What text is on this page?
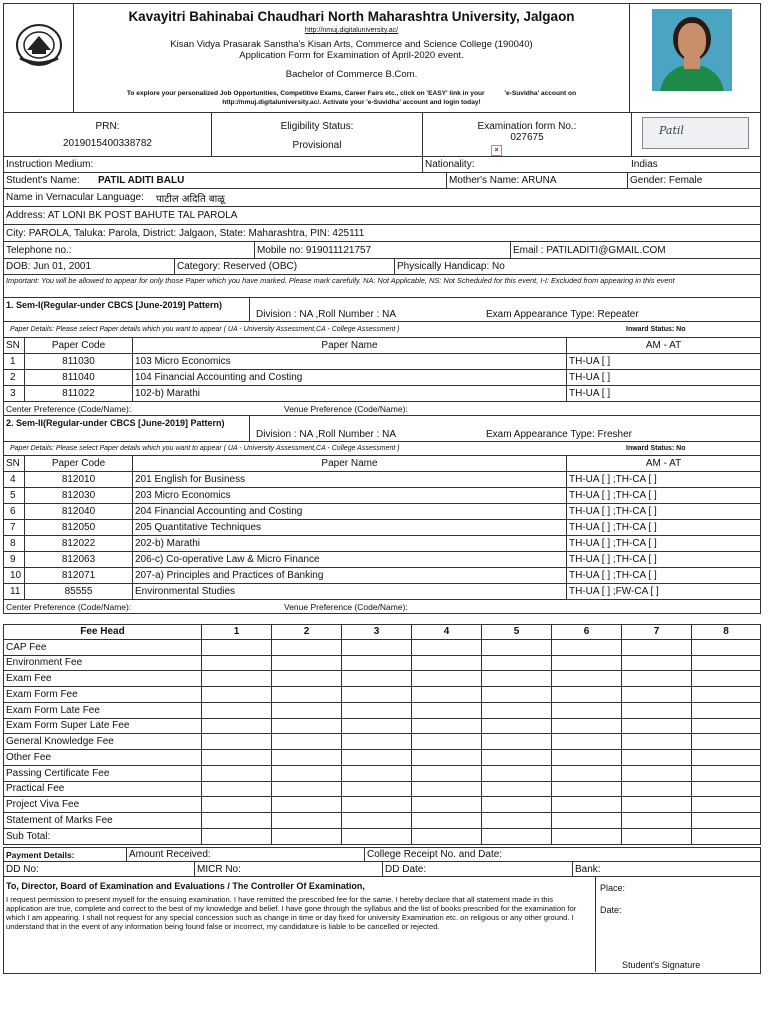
Kavayitri Bahinabai Chaudhari North Maharashtra University, Jalgaon
http://nmuj.digitaluniversity.ac/
Kisan Vidya Prasarak Sanstha's Kisan Arts, Commerce and Science College (190040)
Application Form for Examination of April-2020 event.
Bachelor of Commerce B.Com.
To explore your personalized Job Opportunities, Competitive Exams, Career Fairs etc., click on 'EASY' link in your	'e-Suvidha' account on
http://nmuj.digitaluniversity.ac/. Activate your 'e-Suvidha' account and login today!
PRN:
2019015400338782
Eligibility Status:
Provisional
Examination form No.:
027675
×
Patil
Instruction Medium:	Nationality:	Indias
Student's Name:	PATIL ADITI BALU	Mother's Name: ARUNA	Gender: Female
Name in Vernacular Language:	पाटील अदिति बाळू
Address: AT LONI BK POST BAHUTE TAL PAROLA
City: PAROLA, Taluka: Parola, District: Jalgaon, State: Maharashtra, PIN: 425111
Telephone no.:	Mobile no: 919011121757	Email : PATILADITI@GMAIL.COM
DOB: Jun 01, 2001	Category: Reserved (OBC)	Physically Handicap: No
Important: You will be allowed to appear for only those Paper which you have marked. Please mark carefully. NA: Not Applicable, NS: Not Scheduled for this event, I-I: Excluded from appearing in this event
1. Sem-I(Regular-under CBCS [June-2019] Pattern)
Division : NA ,Roll Number : NA	Exam Appearance Type: Repeater
Paper Details: Please select Paper details which you want to appear ( UA - University Assessment,CA - College Assessment )	Inward Status: No
SN	Paper Code	Paper Name	AM - AT
1	811030	103 Micro Economics	TH-UA [ ]
2	811040	104 Financial Accounting and Costing	TH-UA [ ]
3	811022	102-b) Marathi	TH-UA [ ]
Center Preference (Code/Name):	Venue Preference (Code/Name):
2. Sem-II(Regular-under CBCS [June-2019] Pattern)
Division : NA ,Roll Number : NA	Exam Appearance Type: Fresher
Paper Details: Please select Paper details which you want to appear ( UA - University Assessment,CA - College Assessment )	Inward Status: No
SN	Paper Code	Paper Name	AM - AT
4	812010	201 English for Business	TH-UA [ ] ;TH-CA [ ]
5	812030	203 Micro Economics	TH-UA [ ] ;TH-CA [ ]
6	812040	204 Financial Accounting and Costing	TH-UA [ ] ;TH-CA [ ]
7	812050	205 Quantitative Techniques	TH-UA [ ] ;TH-CA [ ]
8	812022	202-b) Marathi	TH-UA [ ] ;TH-CA [ ]
9	812063	206-c) Co-operative Law & Micro Finance	TH-UA [ ] ;TH-CA [ ]
10	812071	207-a) Principles and Practices of Banking	TH-UA [ ] ;TH-CA [ ]
11	85555	Environmental Studies	TH-UA [ ] ;FW-CA [ ]
Center Preference (Code/Name):	Venue Preference (Code/Name):
Fee Head	1	2	3	4	5	6	7	8
CAP Fee
Environment Fee
Exam Fee
Exam Form Fee
Exam Form Late Fee
Exam Form Super Late Fee
General Knowledge Fee
Other Fee
Passing Certificate Fee
Practical Fee
Project Viva Fee
Statement of Marks Fee
Sub Total:
Payment Details:	Amount Received:	College Receipt No. and Date:
DD No:	MICR No:	DD Date:	Bank:
To, Director, Board of Examination and Evaluations / The Controller Of Examination,
I request permission to present myself for the ensuing examination. I have remitted the prescribed fee for the same. I hereby declare that all statement made in this application are true, complete and correct to the best of my knowledge and belief. I have gone through the syllabus and the list of books prescribed for the examination for which I am appearing. I shall not request for any special concession such as change in time or day fixed for university Examination etc. on religious or any other ground. I understand that in the event of any information being found false or incorrect, my candidature is liable to be cancelled or rejected.
Place:
Date:
Student's Signature
